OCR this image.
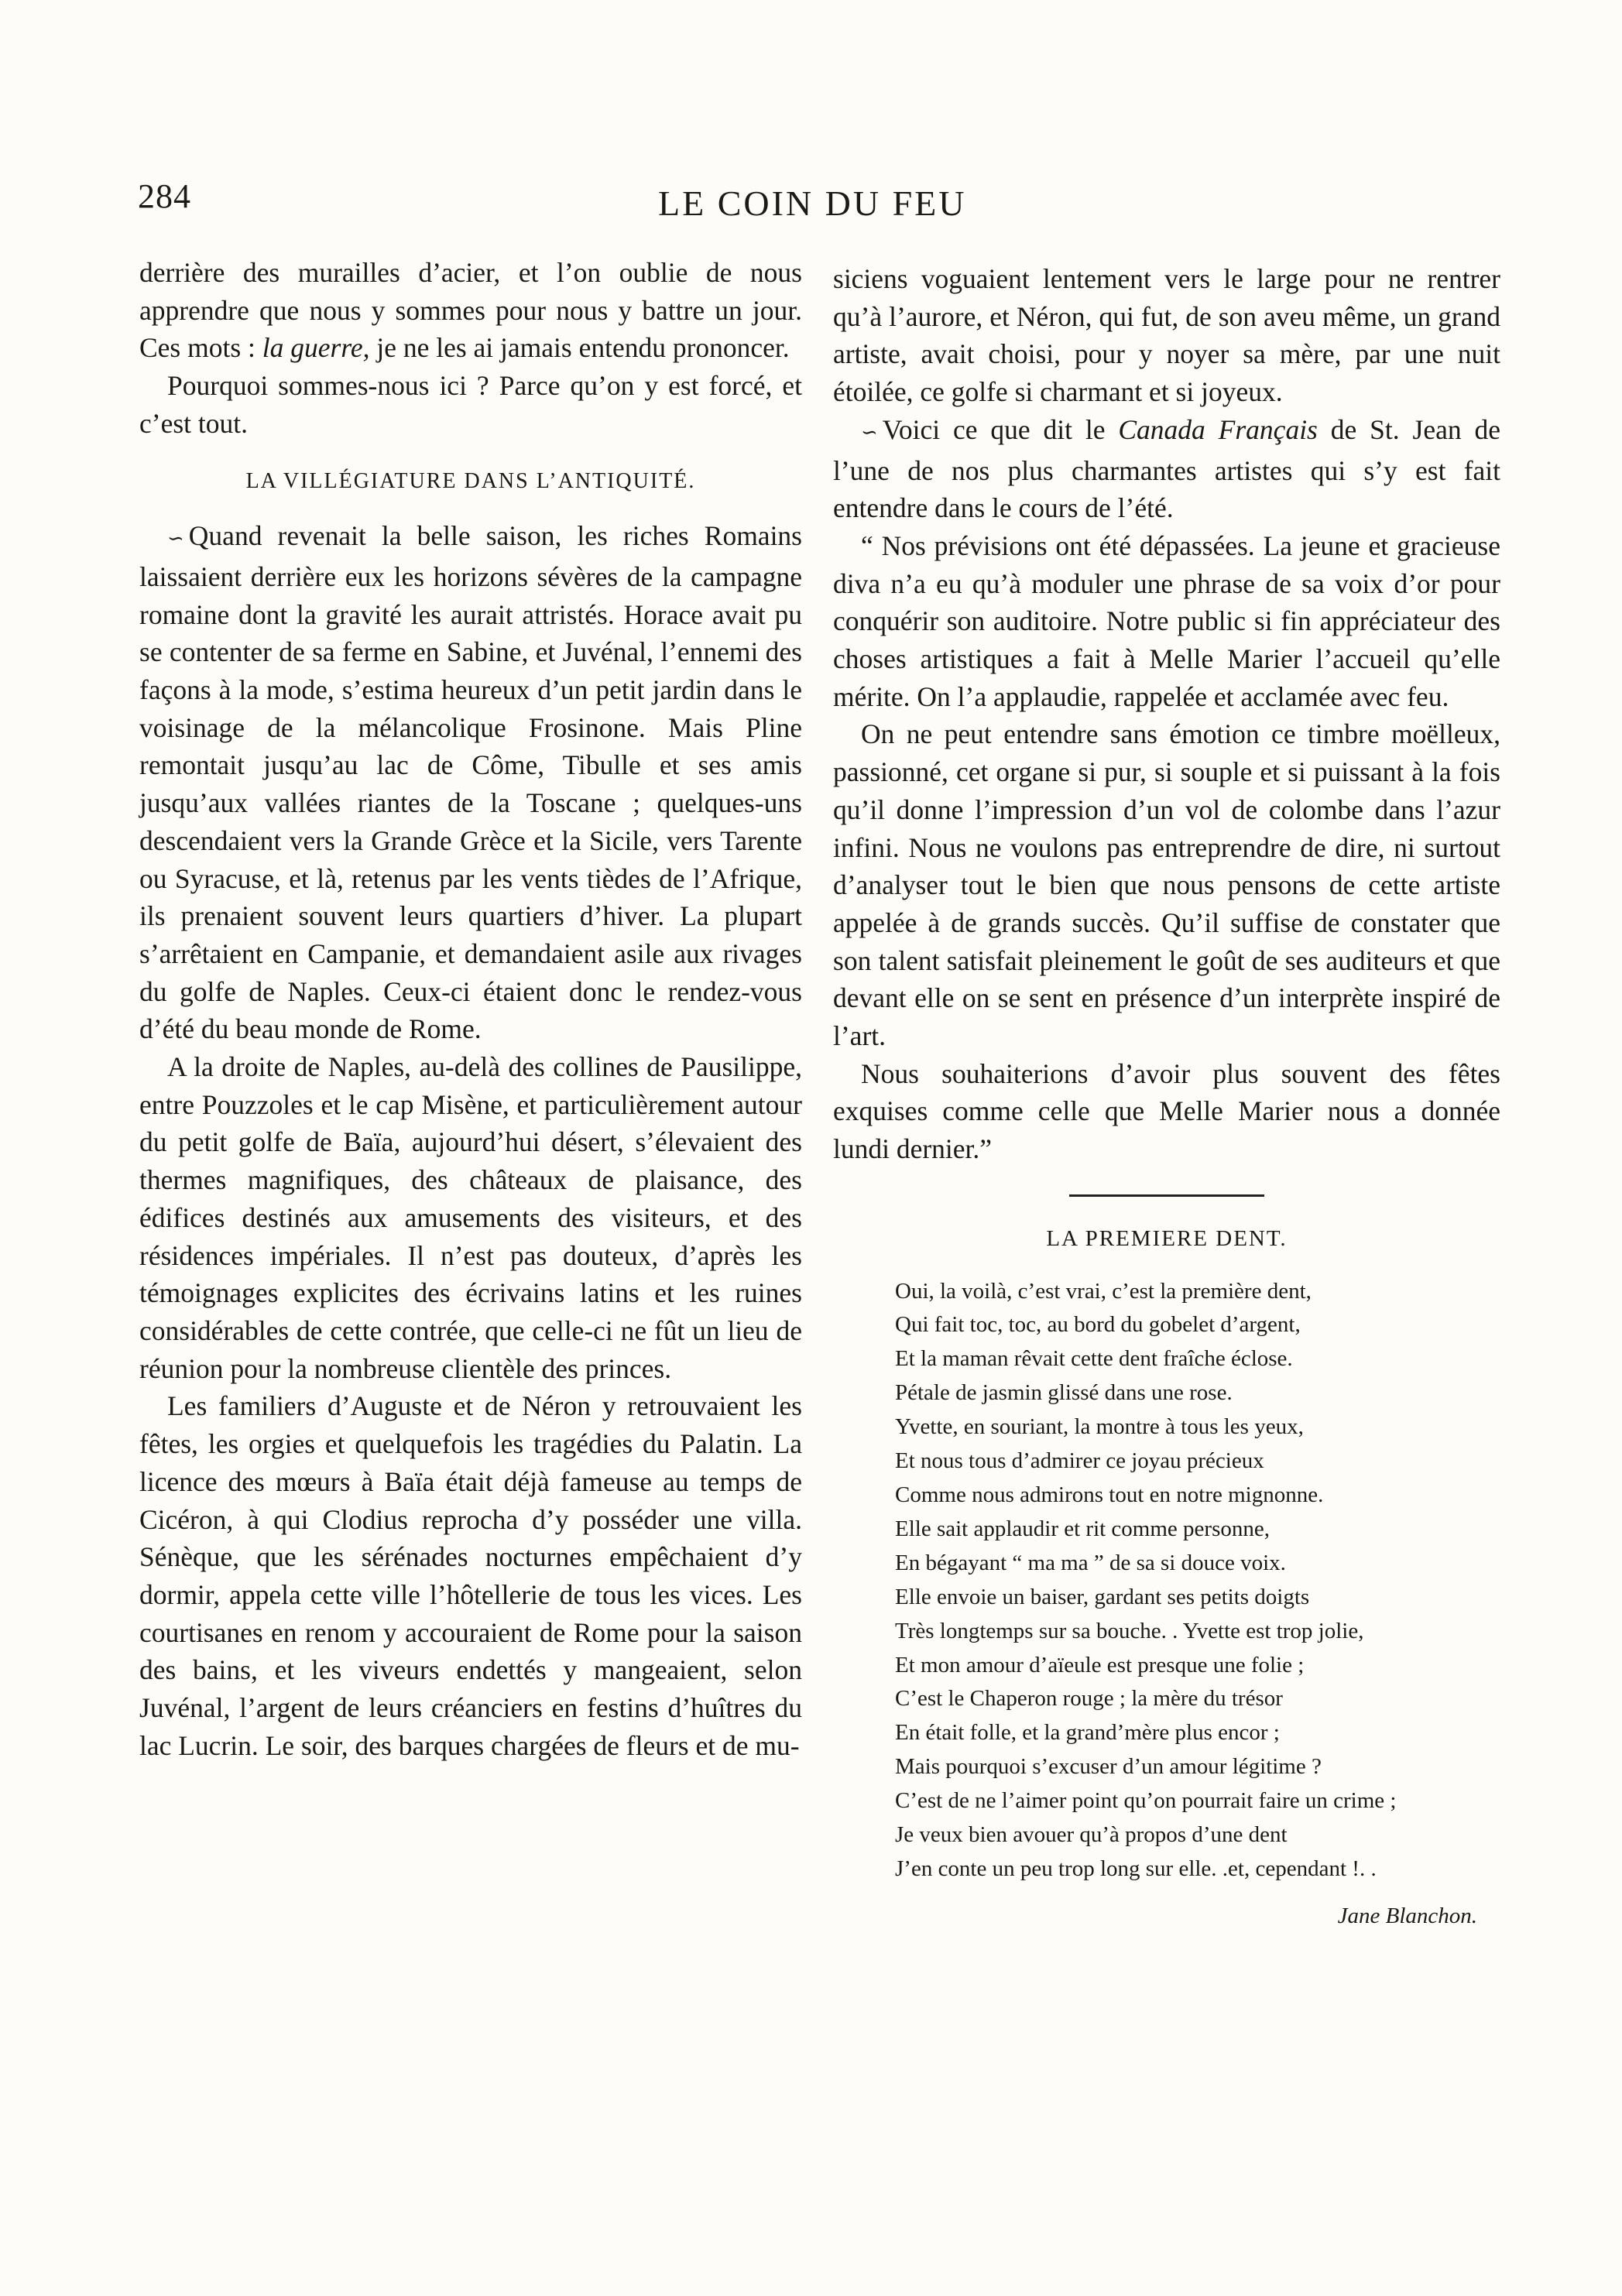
284	LE COIN DU FEU

derrière des murailles d’acier, et l’on oublie de nous apprendre que nous y sommes pour nous y battre un jour. Ces mots : la guerre, je ne les ai jamais entendu prononcer.

Pourquoi sommes-nous ici ? Parce qu’on y est forcé, et c’est tout.

LA VILLÉGIATURE DANS L’ANTIQUITÉ.

∽ Quand revenait la belle saison, les riches Romains laissaient derrière eux les horizons sévères de la campagne romaine dont la gravité les aurait attristés. Horace avait pu se contenter de sa ferme en Sabine, et Juvénal, l’ennemi des façons à la mode, s’estima heureux d’un petit jardin dans le voisinage de la mélancolique Frosinone. Mais Pline remontait jusqu’au lac de Côme, Tibulle et ses amis jusqu’aux vallées riantes de la Toscane ; quelques-uns descendaient vers la Grande Grèce et la Sicile, vers Tarente ou Syracuse, et là, retenus par les vents tièdes de l’Afrique, ils prenaient souvent leurs quartiers d’hiver. La plupart s’arrêtaient en Campanie, et demandaient asile aux rivages du golfe de Naples. Ceux-ci étaient donc le rendez-vous d’été du beau monde de Rome.

A la droite de Naples, au-delà des collines de Pausilippe, entre Pouzzoles et le cap Misène, et particulièrement autour du petit golfe de Baïa, aujourd’hui désert, s’élevaient des thermes magnifiques, des châteaux de plaisance, des édifices destinés aux amusements des visiteurs, et des résidences impériales. Il n’est pas douteux, d’après les témoignages explicites des écrivains latins et les ruines considérables de cette contrée, que celle-ci ne fût un lieu de réunion pour la nombreuse clientèle des princes.

Les familiers d’Auguste et de Néron y retrouvaient les fêtes, les orgies et quelquefois les tragédies du Palatin. La licence des mœurs à Baïa était déjà fameuse au temps de Cicéron, à qui Clodius reprocha d’y posséder une villa. Sénèque, que les sérénades nocturnes empêchaient d’y dormir, appela cette ville l’hôtellerie de tous les vices. Les courtisanes en renom y accouraient de Rome pour la saison des bains, et les viveurs endettés y mangeaient, selon Juvénal, l’argent de leurs créanciers en festins d’huîtres du lac Lucrin. Le soir, des barques chargées de fleurs et de mu-

siciens voguaient lentement vers le large pour ne rentrer qu’à l’aurore, et Néron, qui fut, de son aveu même, un grand artiste, avait choisi, pour y noyer sa mère, par une nuit étoilée, ce golfe si charmant et si joyeux.

∽ Voici ce que dit le Canada Français de St. Jean de l’une de nos plus charmantes artistes qui s’y est fait entendre dans le cours de l’été.

“ Nos prévisions ont été dépassées. La jeune et gracieuse diva n’a eu qu’à moduler une phrase de sa voix d’or pour conquérir son auditoire. Notre public si fin appréciateur des choses artistiques a fait à Melle Marier l’accueil qu’elle mérite. On l’a applaudie, rappelée et acclamée avec feu.

On ne peut entendre sans émotion ce timbre moëlleux, passionné, cet organe si pur, si souple et si puissant à la fois qu’il donne l’impression d’un vol de colombe dans l’azur infini. Nous ne voulons pas entreprendre de dire, ni surtout d’analyser tout le bien que nous pensons de cette artiste appelée à de grands succès. Qu’il suffise de constater que son talent satisfait pleinement le goût de ses auditeurs et que devant elle on se sent en présence d’un interprète inspiré de l’art.

Nous souhaiterions d’avoir plus souvent des fêtes exquises comme celle que Melle Marier nous a donnée lundi dernier.”

LA PREMIERE DENT.

Oui, la voilà, c’est vrai, c’est la première dent,
Qui fait toc, toc, au bord du gobelet d’argent,
Et la maman rêvait cette dent fraîche éclose.
Pétale de jasmin glissé dans une rose.
Yvette, en souriant, la montre à tous les yeux,
Et nous tous d’admirer ce joyau précieux
Comme nous admirons tout en notre mignonne.
Elle sait applaudir et rit comme personne,
En bégayant “ ma ma ” de sa si douce voix.
Elle envoie un baiser, gardant ses petits doigts
Très longtemps sur sa bouche. . Yvette est trop jolie,
Et mon amour d’aïeule est presque une folie ;
C’est le Chaperon rouge ; la mère du trésor
En était folle, et la grand’mère plus encor ;
Mais pourquoi s’excuser d’un amour légitime ?
C’est de ne l’aimer point qu’on pourrait faire un crime ;
Je veux bien avouer qu’à propos d’une dent
J’en conte un peu trop long sur elle. .et, cependant !. .

Jane Blanchon.
